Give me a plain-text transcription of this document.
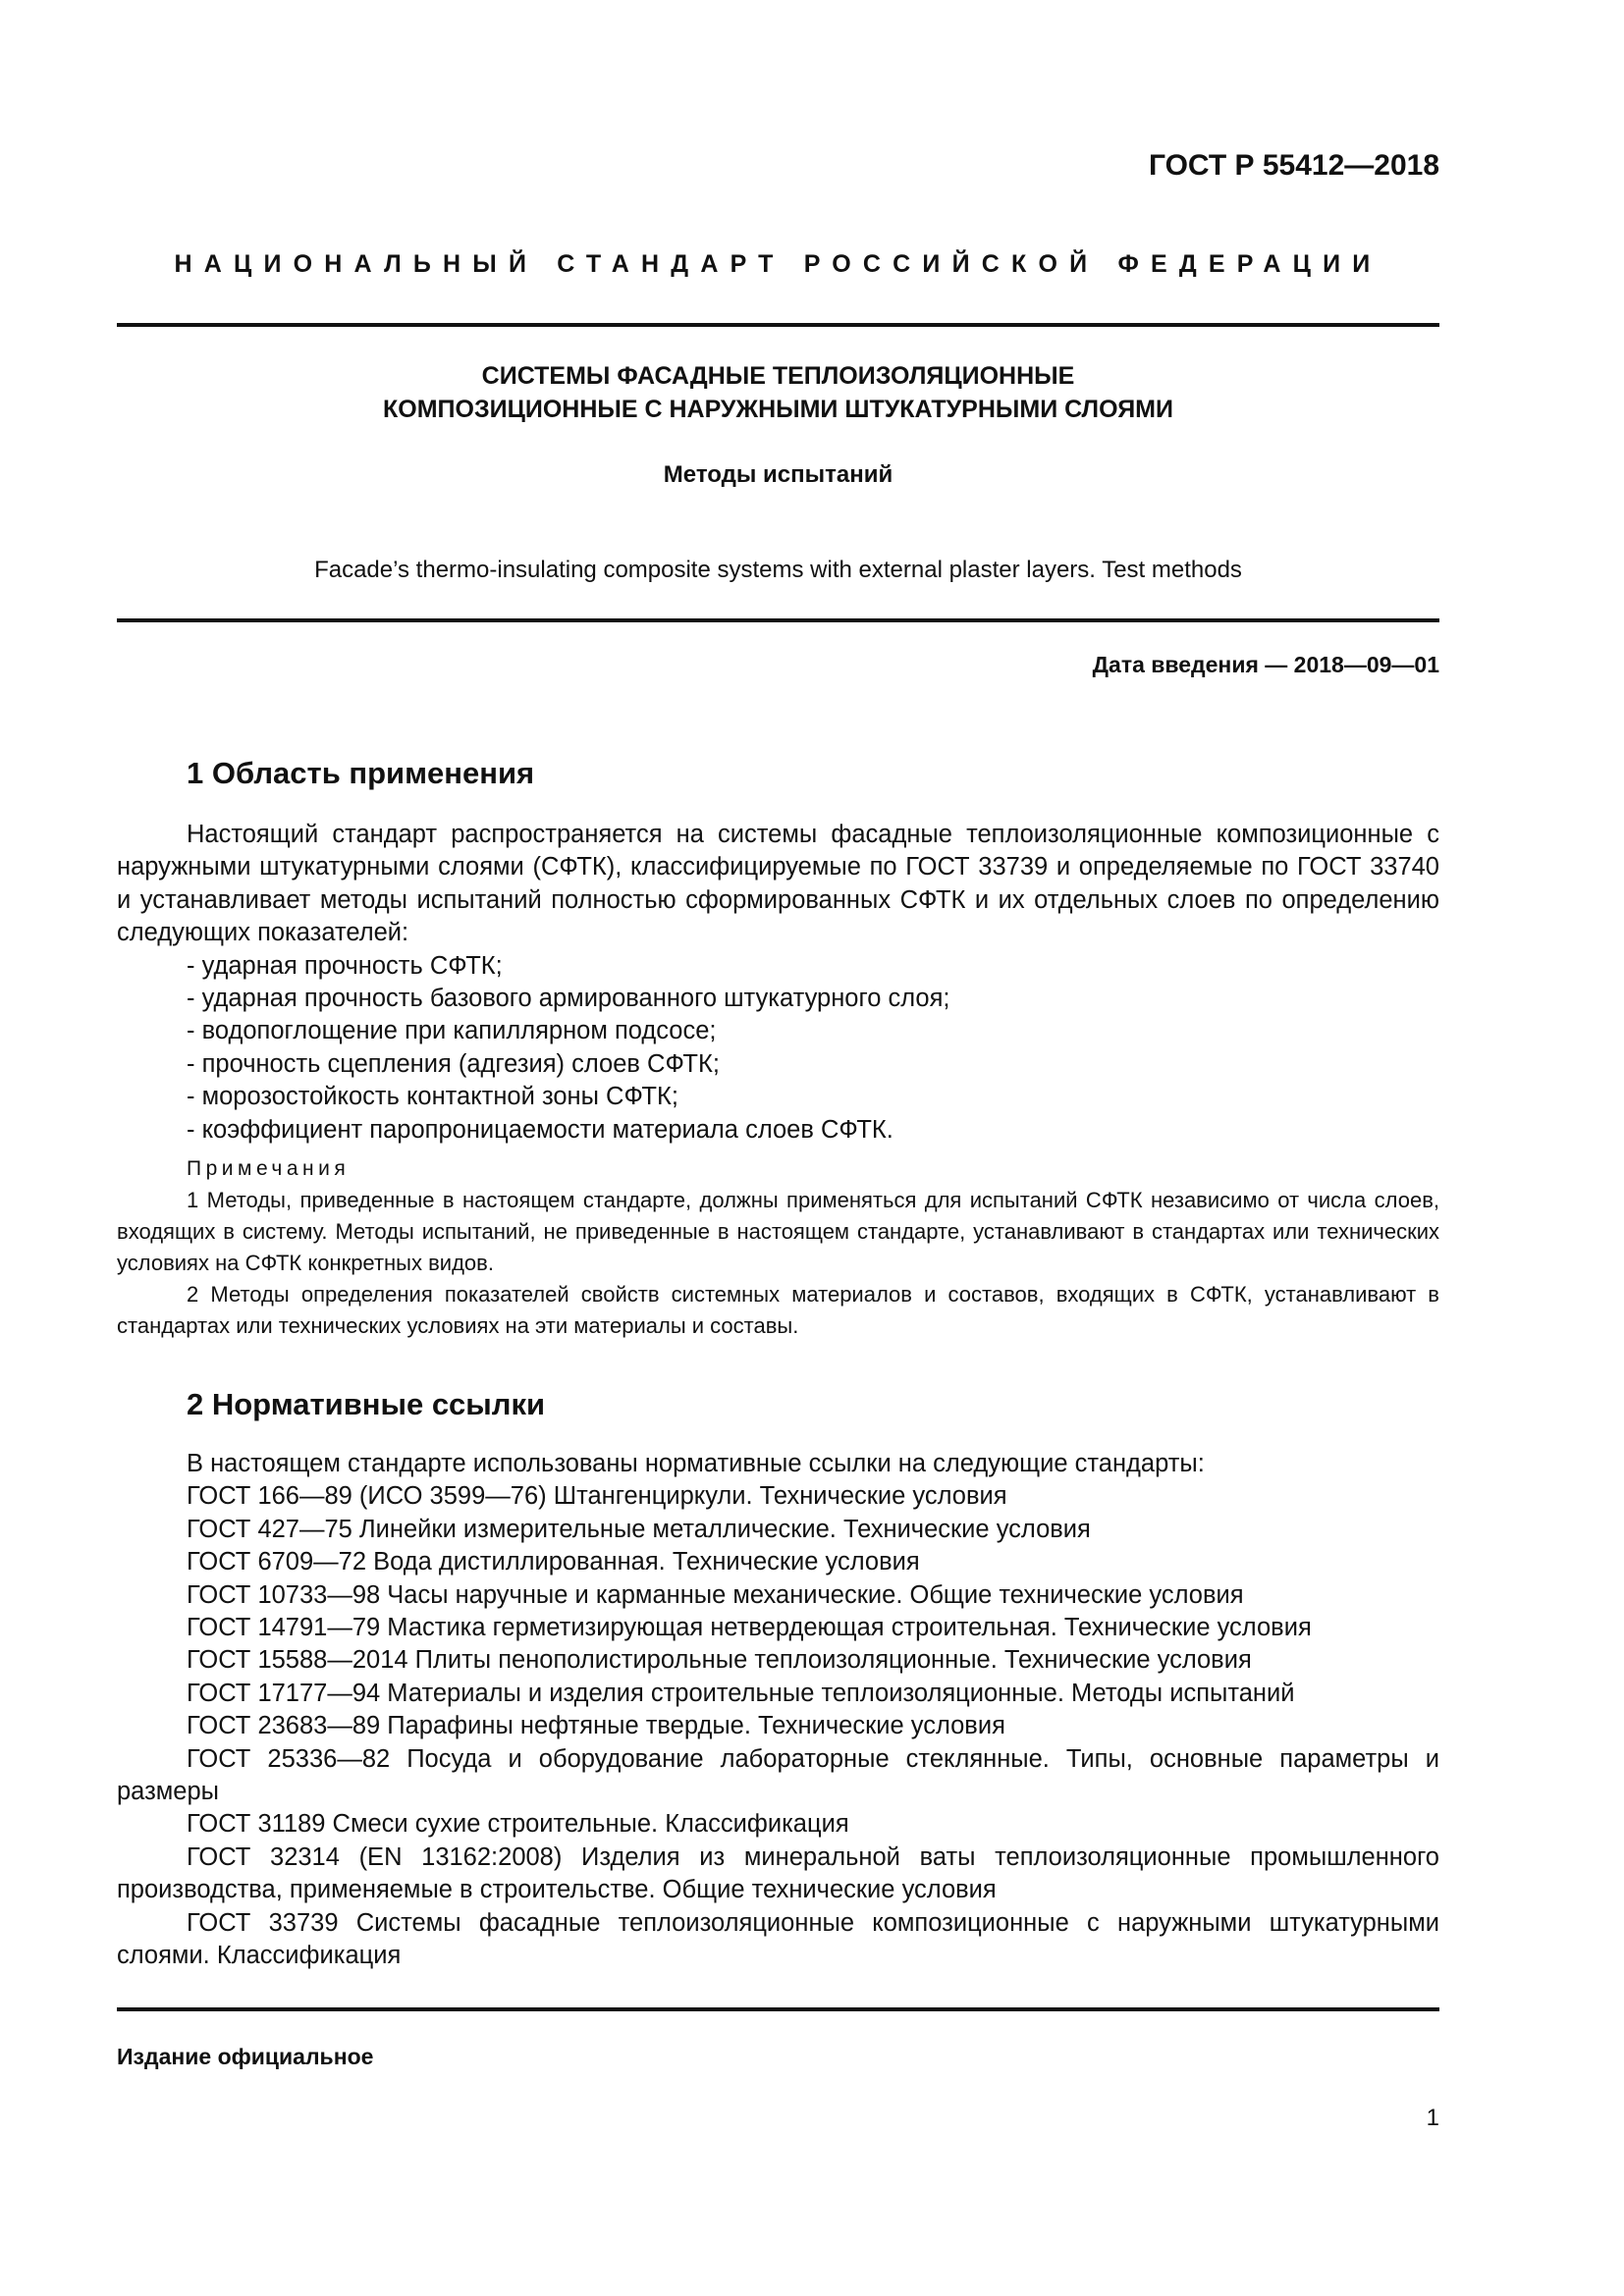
ГОСТ Р 55412—2018
НАЦИОНАЛЬНЫЙ СТАНДАРТ РОССИЙСКОЙ ФЕДЕРАЦИИ
СИСТЕМЫ ФАСАДНЫЕ ТЕПЛОИЗОЛЯЦИОННЫЕ
КОМПОЗИЦИОННЫЕ С НАРУЖНЫМИ ШТУКАТУРНЫМИ СЛОЯМИ
Методы испытаний
Facade’s thermo-insulating composite systems with external plaster layers. Test methods
Дата введения — 2018—09—01
1 Область применения

Настоящий стандарт распространяется на системы фасадные теплоизоляционные композиционные с наружными штукатурными слоями (СФТК), классифицируемые по ГОСТ 33739 и определяемые по ГОСТ 33740 и устанавливает методы испытаний полностью сформированных СФТК и их отдельных слоев по определению следующих показателей:

- ударная прочность СФТК;

- ударная прочность базового армированного штукатурного слоя;

- водопоглощение при капиллярном подсосе;

- прочность сцепления (адгезия) слоев СФТК;

- морозостойкость контактной зоны СФТК;

- коэффициент паропроницаемости материала слоев СФТК.

Примечания

1 Методы, приведенные в настоящем стандарте, должны применяться для испытаний СФТК независимо от числа слоев, входящих в систему. Методы испытаний, не приведенные в настоящем стандарте, устанавливают в стандартах или технических условиях на СФТК конкретных видов.

2 Методы определения показателей свойств системных материалов и составов, входящих в СФТК, устанавливают в стандартах или технических условиях на эти материалы и составы.

2 Нормативные ссылки

В настоящем стандарте использованы нормативные ссылки на следующие стандарты:

ГОСТ 166—89 (ИСО 3599—76) Штангенциркули. Технические условия

ГОСТ 427—75 Линейки измерительные металлические. Технические условия

ГОСТ 6709—72 Вода дистиллированная. Технические условия

ГОСТ 10733—98 Часы наручные и карманные механические. Общие технические условия

ГОСТ 14791—79 Мастика герметизирующая нетвердеющая строительная. Технические условия

ГОСТ 15588—2014 Плиты пенополистирольные теплоизоляционные. Технические условия

ГОСТ 17177—94 Материалы и изделия строительные теплоизоляционные. Методы испытаний

ГОСТ 23683—89 Парафины нефтяные твердые. Технические условия

ГОСТ 25336—82 Посуда и оборудование лабораторные стеклянные. Типы, основные параметры и размеры

ГОСТ 31189 Смеси сухие строительные. Классификация

ГОСТ 32314 (EN 13162:2008) Изделия из минеральной ваты теплоизоляционные промышленного производства, применяемые в строительстве. Общие технические условия

ГОСТ 33739 Системы фасадные теплоизоляционные композиционные с наружными штукатурными слоями. Классификация

Издание официальное
1
